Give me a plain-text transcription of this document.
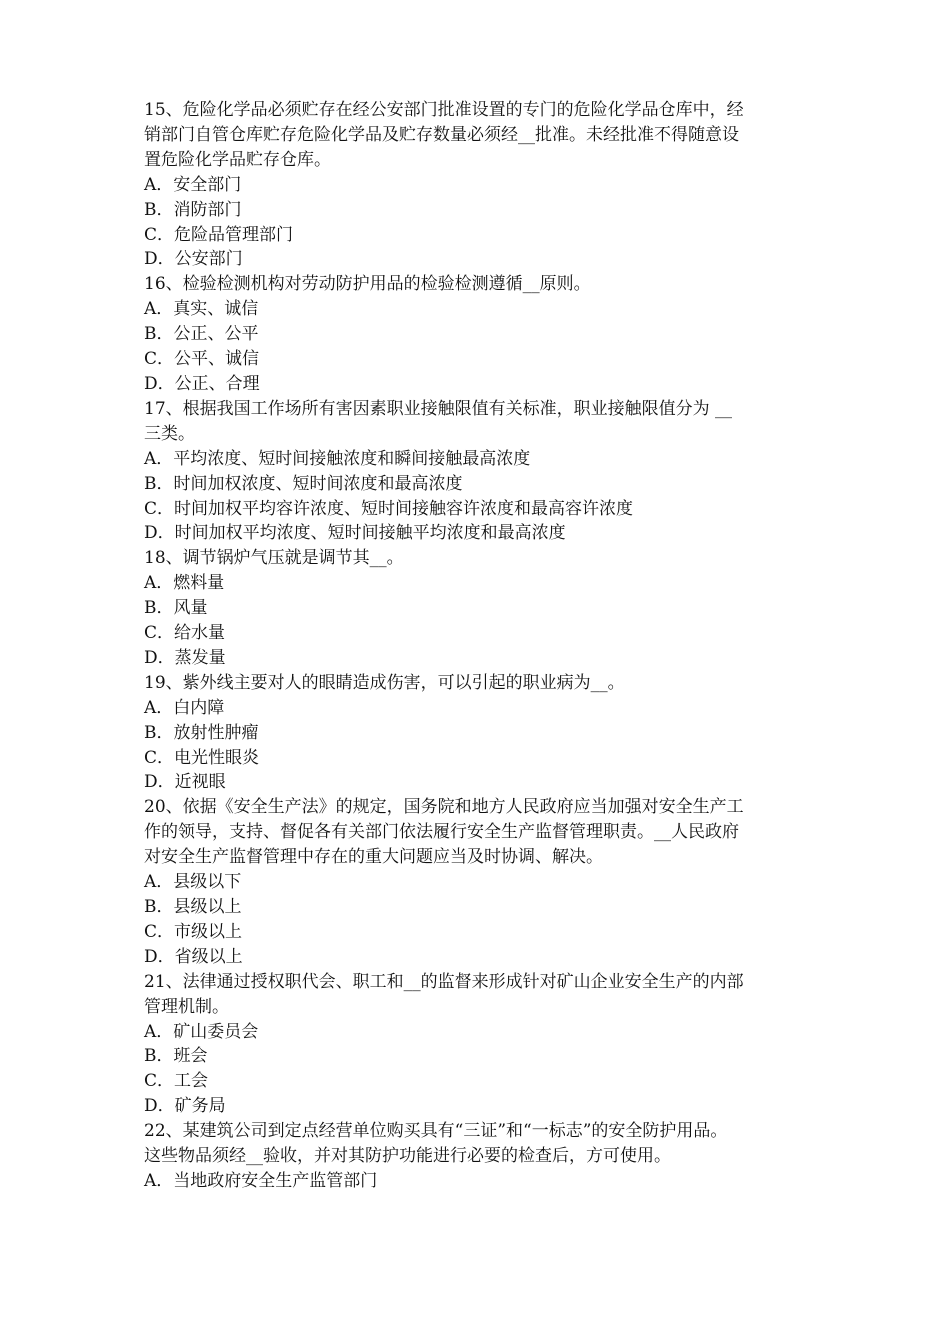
15、危险化学品必须贮存在经公安部门批准设置的专门的危险化学品仓库中，经
销部门自管仓库贮存危险化学品及贮存数量必须经__批准。未经批准不得随意设
置危险化学品贮存仓库。
A．安全部门
B．消防部门
C．危险品管理部门
D．公安部门
16、检验检测机构对劳动防护用品的检验检测遵循__原则。
A．真实、诚信
B．公正、公平
C．公平、诚信
D．公正、合理
17、根据我国工作场所有害因素职业接触限值有关标准，职业接触限值分为 __
三类。
A．平均浓度、短时间接触浓度和瞬间接触最高浓度
B．时间加权浓度、短时间浓度和最高浓度
C．时间加权平均容许浓度、短时间接触容许浓度和最高容许浓度
D．时间加权平均浓度、短时间接触平均浓度和最高浓度
18、调节锅炉气压就是调节其__。
A．燃料量
B．风量
C．给水量
D．蒸发量
19、紫外线主要对人的眼睛造成伤害，可以引起的职业病为__。
A．白内障
B．放射性肿瘤
C．电光性眼炎
D．近视眼
20、依据《安全生产法》的规定，国务院和地方人民政府应当加强对安全生产工
作的领导，支持、督促各有关部门依法履行安全生产监督管理职责。__人民政府
对安全生产监督管理中存在的重大问题应当及时协调、解决。
A．县级以下
B．县级以上
C．市级以上
D．省级以上
21、法律通过授权职代会、职工和__的监督来形成针对矿山企业安全生产的内部
管理机制。
A．矿山委员会
B．班会
C．工会
D．矿务局
22、某建筑公司到定点经营单位购买具有“三证”和“一标志”的安全防护用品。
这些物品须经__验收，并对其防护功能进行必要的检查后，方可使用。
A．当地政府安全生产监管部门
